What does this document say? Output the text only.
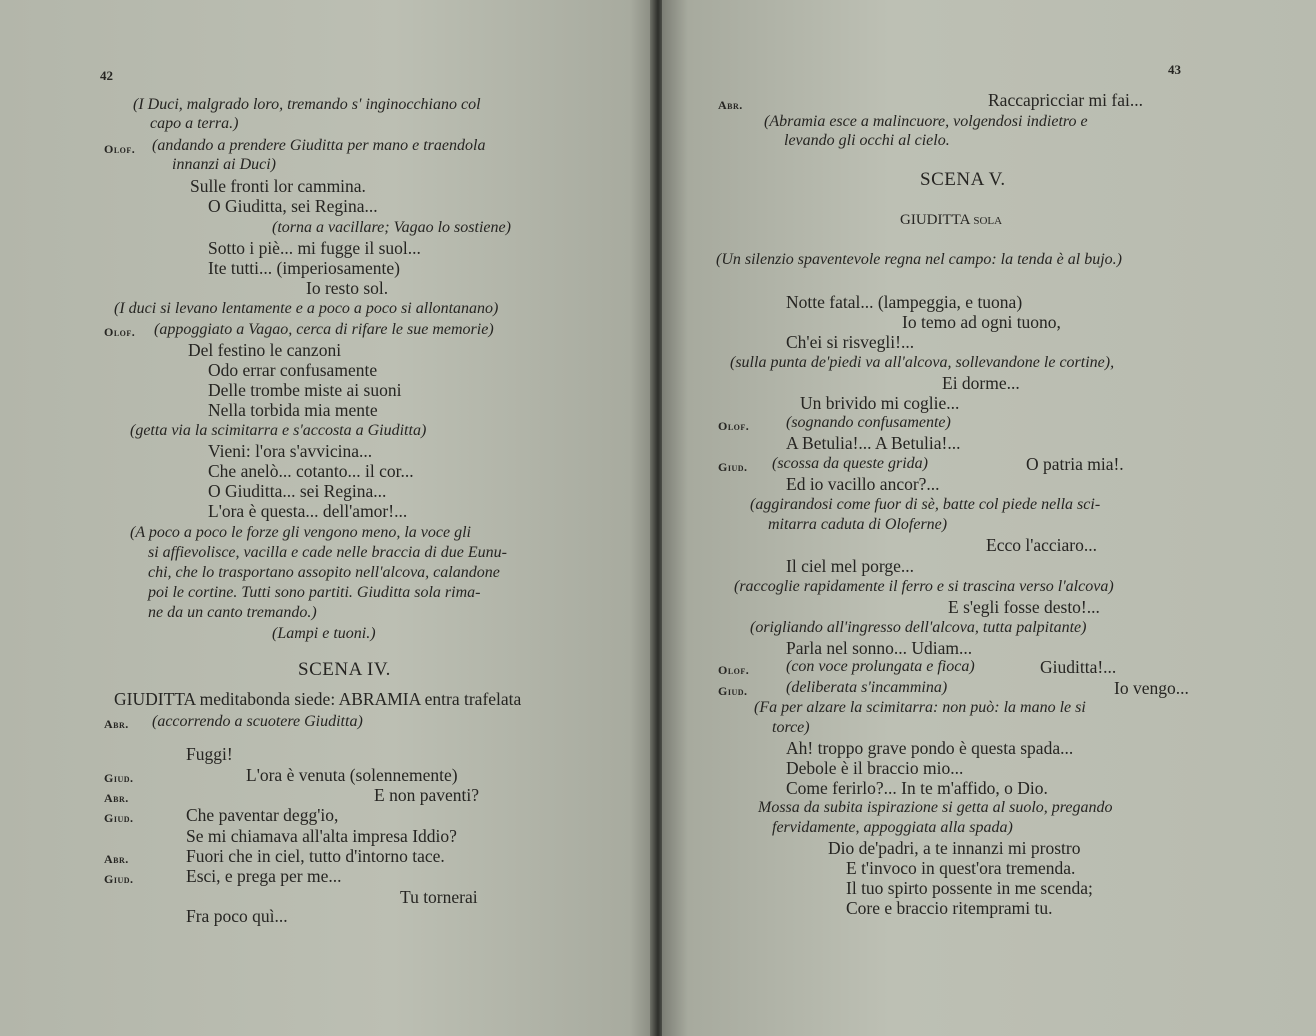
42
(I Duci, malgrado loro, tremando s' inginocchiano col
capo a terra.)
Olof. (andando a prendere Giuditta per mano e traendola
innanzi ai Duci)
Sulle fronti lor cammina.
O Giuditta, sei Regina...
(torna a vacillare; Vagao lo sostiene)
Sotto i piè... mi fugge il suol...
Ite tutti... (imperiosamente)
Io resto sol.
(I duci si levano lentamente e a poco a poco si allontanano)
Olof. (appoggiato a Vagao, cerca di rifare le sue memorie)
Del festino le canzoni
Odo errar confusamente
Delle trombe miste ai suoni
Nella torbida mia mente
(getta via la scimitarra e s'accosta a Giuditta)
Vieni: l'ora s'avvicina...
Che anelò... cotanto... il cor...
O Giuditta... sei Regina...
L'ora è questa... dell'amor!...
(A poco a poco le forze gli vengono meno, la voce gli
si affievolisce, vacilla e cade nelle braccia di due Eunu-
chi, che lo trasportano assopito nell'alcova, calandone
poi le cortine. Tutti sono partiti. Giuditta sola rima-
ne da un canto tremando.)
(Lampi e tuoni.)
SCENA IV.
GIUDITTA meditabonda siede: ABRAMIA entra trafelata
Abr. (accorrendo a scuotere Giuditta)
Fuggi!
Giud.	L'ora è venuta (solennemente)
Abr.	E non paventi?
Giud.	Che paventar degg'io,
Se mi chiamava all'alta impresa Iddio?
Abr.	Fuori che in ciel, tutto d'intorno tace.
Giud.	Esci, e prega per me...
Tu tornerai
Fra poco quì...
43
Abr.	Raccapricciar mi fai...
(Abramia esce a malincuore, volgendosi indietro e
levando gli occhi al cielo.
SCENA V.
GIUDITTA sola
(Un silenzio spaventevole regna nel campo: la tenda è al bujo.)
Notte fatal... (lampeggia, e tuona)
Io temo ad ogni tuono,
Ch'ei si risvegli!...
(sulla punta de'piedi va all'alcova, sollevandone le cortine),
Ei dorme...
Un brivido mi coglie...
Olof. (sognando confusamente)
A Betulia!... A Betulia!...
Giud. (scossa da queste grida)	O patria mia!.
Ed io vacillo ancor?...
(aggirandosi come fuor di sè, batte col piede nella sci-
mitarra caduta di Oloferne)
Ecco l'acciaro...
Il ciel mel porge...
(raccoglie rapidamente il ferro e si trascina verso l'alcova)
E s'egli fosse desto!...
(origliando all'ingresso dell'alcova, tutta palpitante)
Parla nel sonno... Udiam...
Olof. (con voce prolungata e fioca)	Giuditta!...
Giud. (deliberata s'incammina)	Io vengo...
(Fa per alzare la scimitarra: non può: la mano le si
torce)
Ah! troppo grave pondo è questa spada...
Debole è il braccio mio...
Come ferirlo?... In te m'affido, o Dio.
Mossa da subita ispirazione si getta al suolo, pregando
fervidamente, appoggiata alla spada)
Dio de'padri, a te innanzi mi prostro
E t'invoco in quest'ora tremenda.
Il tuo spirto possente in me scenda;
Core e braccio ritemprami tu.
